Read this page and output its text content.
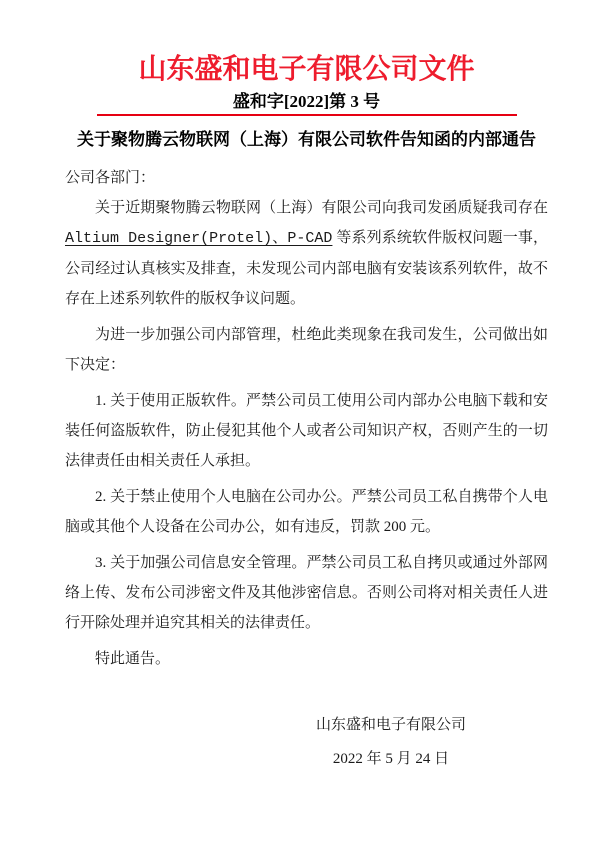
山东盛和电子有限公司文件
盛和字[2022]第 3 号
关于聚物腾云物联网（上海）有限公司软件告知函的内部通告
公司各部门：

关于近期聚物腾云物联网（上海）有限公司向我司发函质疑我司存在 Altium Designer(Protel)、P-CAD 等系列系统软件版权问题一事，公司经过认真核实及排查，未发现公司内部电脑有安装该系列软件，故不存在上述系列软件的版权争议问题。

为进一步加强公司内部管理，杜绝此类现象在我司发生，公司做出如下决定：

1. 关于使用正版软件。严禁公司员工使用公司内部办公电脑下载和安装任何盗版软件，防止侵犯其他个人或者公司知识产权，否则产生的一切法律责任由相关责任人承担。

2. 关于禁止使用个人电脑在公司办公。严禁公司员工私自携带个人电脑或其他个人设备在公司办公，如有违反，罚款 200 元。

3. 关于加强公司信息安全管理。严禁公司员工私自拷贝或通过外部网络上传、发布公司涉密文件及其他涉密信息。否则公司将对相关责任人进行开除处理并追究其相关的法律责任。

特此通告。

山东盛和电子有限公司
2022 年 5 月 24 日
